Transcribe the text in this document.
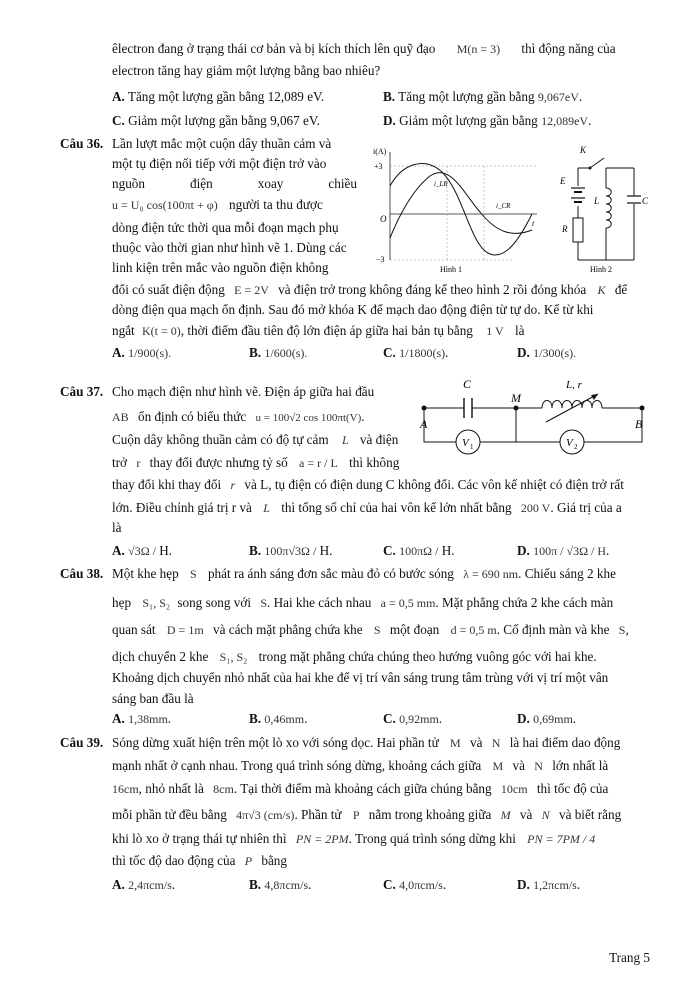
êlectron đang ở trạng thái cơ bản và bị kích thích lên quỹ đạo M(n = 3) thì động năng của
electron tăng hay giảm một lượng bằng bao nhiêu?
A. Tăng một lượng gần bằng 12,089 eV.	B. Tăng một lượng gần bằng 9,067eV.
C. Giảm một lượng gần bằng 9,067 eV.	D. Giảm một lượng gần bằng 12,089eV.
Câu 36. Lần lượt mắc một cuộn dây thuần cảm và
một tụ điện nối tiếp với một điện trở vào
nguồn	điện	xoay	chiều
u = U₀ cos(100πt + φ) người ta thu được
dòng điện tức thời qua mỗi đoạn mạch phụ
thuộc vào thời gian như hình vẽ 1. Dùng các
linh kiện trên mắc vào nguồn điện không
đổi có suất điện động E = 2V và điện trở trong không đáng kể theo hình 2 rồi đóng khóa K để
dòng điện qua mạch ổn định. Sau đó mở khóa K để mạch dao động điện từ tự do. Kể từ khi
ngắt K(t = 0), thời điểm đầu tiên độ lớn điện áp giữa hai bản tụ bằng 1 V là
A. 1/900(s).	B. 1/600(s).	C. 1/1800(s).	D. 1/300(s).
i(A)
+3
−3
O	t
i_LR
i_CR
Hình 1
K
E
L	C
R
Hình 2
Câu 37. Cho mạch điện như hình vẽ. Điện áp giữa hai đầu
AB ổn định có biểu thức u = 100√2 cos 100πt(V).
Cuộn dây không thuần cảm có độ tự cảm L và điện
trở r thay đổi được nhưng tỷ số a = r / L thì không
thay đổi khi thay đổi r và L, tụ điện có điện dung C không đổi. Các vôn kế nhiệt có điện trở rất
lớn. Điều chỉnh giá trị r và L thì tổng số chỉ của hai vôn kế lớn nhất bằng 200 V. Giá trị của a
là
A. √3Ω / H.	B. 100π√3Ω / H.	C. 100πΩ / H.	D. 100π / √3Ω / H.
C
M
L, r
A	B
V 1	V 2
Câu 38. Một khe hẹp S phát ra ánh sáng đơn sắc màu đỏ có bước sóng λ = 690 nm. Chiếu sáng 2 khe
hẹp S₁, S₂ song song với S. Hai khe cách nhau a = 0,5 mm. Mặt phẳng chứa 2 khe cách màn
quan sát D = 1m và cách mặt phẳng chứa khe S một đoạn d = 0,5 m. Cố định màn và khe S,
dịch chuyển 2 khe S₁, S₂ trong mặt phẳng chứa chúng theo hướng vuông góc với hai khe.
Khoảng dịch chuyển nhỏ nhất của hai khe để vị trí vân sáng trung tâm trùng với vị trí một vân
sáng ban đầu là
A. 1,38mm.	B. 0,46mm.	C. 0,92mm.	D. 0,69mm.
Câu 39. Sóng dừng xuất hiện trên một lò xo với sóng dọc. Hai phần tử M và N là hai điểm dao động
mạnh nhất ở cạnh nhau. Trong quá trình sóng dừng, khoảng cách giữa M và N lớn nhất là
16cm, nhỏ nhất là 8cm. Tại thời điểm mà khoảng cách giữa chúng bằng 10cm thì tốc độ của
mỗi phần tử đều bằng 4π√3 (cm/s). Phần tử P nằm trong khoảng giữa M và N và biết rằng
khi lò xo ở trạng thái tự nhiên thì PN = 2PM. Trong quá trình sóng dừng khi PN = 7PM / 4
thì tốc độ dao động của P bằng
A. 2,4πcm/s.	B. 4,8πcm/s.	C. 4,0πcm/s.	D. 1,2πcm/s.
Trang 5
